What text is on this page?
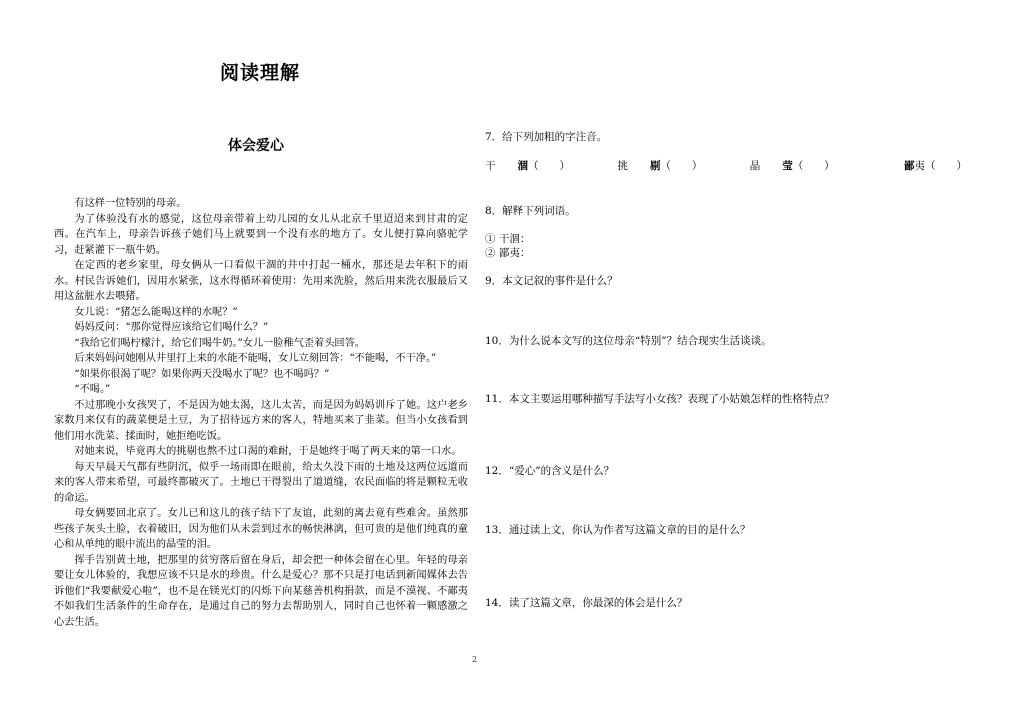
阅读理解
体会爱心

有这样一位特别的母亲。

为了体验没有水的感觉，这位母亲带着上幼儿园的女儿从北京千里迢迢来到甘肃的定西。在汽车上，母亲告诉孩子她们马上就要到一个没有水的地方了。女儿便打算向骆驼学习，赶紧灌下一瓶牛奶。

在定西的老乡家里，母女俩从一口看似干涸的井中打起一桶水，那还是去年积下的雨水。村民告诉她们，因用水紧张，这水得循环着使用：先用来洗脸，然后用来洗衣服最后又用这盆脏水去喂猪。

女儿说：“猪怎么能喝这样的水呢？”

妈妈反问：“那你觉得应该给它们喝什么？”

“我给它们喝柠檬汁，给它们喝牛奶。”女儿一脸稚气歪着头回答。

后来妈妈问她刚从井里打上来的水能不能喝，女儿立刻回答：“不能喝，不干净。”

“如果你很渴了呢？如果你两天没喝水了呢？也不喝吗？”

“不喝。”

不过那晚小女孩哭了，不是因为她太渴，这儿太苦，而是因为妈妈训斥了她。这户老乡家数月来仅有的蔬菜便是土豆，为了招待远方来的客人，特地买来了韭菜。但当小女孩看到他们用水洗菜、揉面时，她拒绝吃饭。

对她来说，毕竟再大的挑剔也熬不过口渴的难耐，于是她终于喝了两天来的第一口水。

每天早晨天气都有些阴沉，似乎一场雨即在眼前，给太久没下雨的土地及这两位远道而来的客人带来希望，可最终都破灭了。土地已干得裂出了道道缝，农民面临的将是颗粒无收的命运。

母女俩要回北京了。女儿已和这儿的孩子结下了友谊，此刻的离去竟有些难舍。虽然那些孩子灰头土脸，衣着破旧，因为他们从未尝到过水的畅快淋漓，但可贵的是他们纯真的童心和从单纯的眼中流出的晶莹的泪。

挥手告别黄土地，把那里的贫穷落后留在身后，却会把一种体会留在心里。年轻的母亲要让女儿体验的，我想应该不只是水的珍贵。什么是爱心？那不只是打电话到新闻媒体去告诉他们“我要献爱心啦”，也不是在镁光灯的闪烁下向某慈善机构捐款，而是不漠视、不鄙夷不如我们生活条件的生命存在，是通过自己的努力去帮助别人，同时自己也怀着一颗感激之心去生活。

7．给下列加粗的字注音。

干 涸（　　）	挑 剔（　　）	晶 莹（　　）	鄙夷（　　）

8．解释下列词语。

① 干涸：

② 鄙夷：

9．本文记叙的事件是什么？

10．为什么说本文写的这位母亲“特别”？结合现实生活谈谈。

11．本文主要运用哪种描写手法写小女孩？表现了小姑娘怎样的性格特点？

12．“爱心”的含义是什么？

13．通过读上文，你认为作者写这篇文章的目的是什么？

14．读了这篇文章，你最深的体会是什么？

2
